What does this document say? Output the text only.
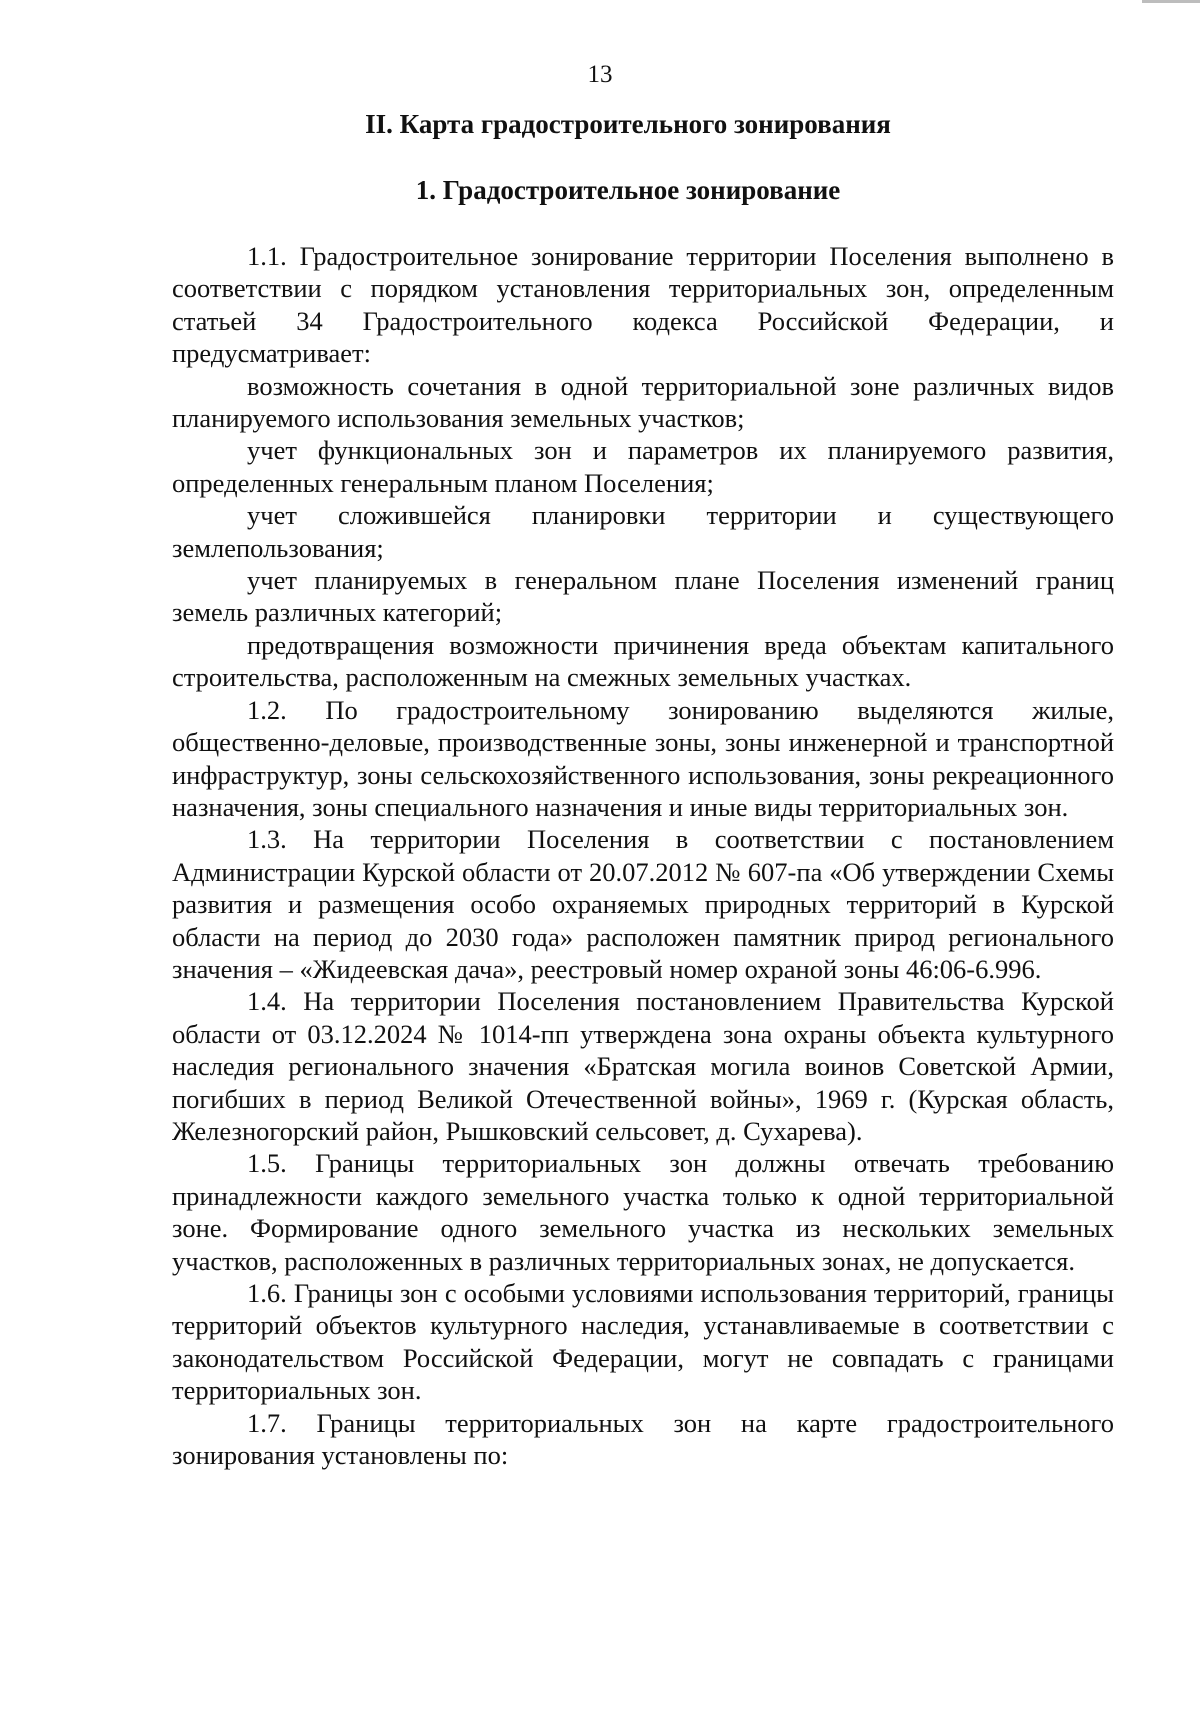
13
II. Карта градостроительного зонирования
1. Градостроительное зонирование

1.1. Градостроительное зонирование территории Поселения выполнено в соответствии с порядком установления территориальных зон, определенным статьей 34 Градостроительного кодекса Российской Федерации, и предусматривает:

возможность сочетания в одной территориальной зоне различных видов планируемого использования земельных участков;

учет функциональных зон и параметров их планируемого развития, определенных генеральным планом Поселения;

учет сложившейся планировки территории и существующего землепользования;

учет планируемых в генеральном плане Поселения изменений границ земель различных категорий;

предотвращения возможности причинения вреда объектам капитального строительства, расположенным на смежных земельных участках.

1.2. По градостроительному зонированию выделяются жилые, общественно-деловые, производственные зоны, зоны инженерной и транспортной инфраструктур, зоны сельскохозяйственного использования, зоны рекреационного назначения, зоны специального назначения и иные виды территориальных зон.

1.3. На территории Поселения в соответствии с постановлением Администрации Курской области от 20.07.2012 № 607-па «Об утверждении Схемы развития и размещения особо охраняемых природных территорий в Курской области на период до 2030 года» расположен памятник природ регионального значения – «Жидеевская дача», реестровый номер охраной зоны 46:06-6.996.

1.4. На территории Поселения постановлением Правительства Курской области от 03.12.2024 № 1014-пп утверждена зона охраны объекта культурного наследия регионального значения «Братская могила воинов Советской Армии, погибших в период Великой Отечественной войны», 1969 г. (Курская область, Железногорский район, Рышковский сельсовет, д. Сухарева).

1.5. Границы территориальных зон должны отвечать требованию принадлежности каждого земельного участка только к одной территориальной зоне. Формирование одного земельного участка из нескольких земельных участков, расположенных в различных территориальных зонах, не допускается.

1.6. Границы зон с особыми условиями использования территорий, границы территорий объектов культурного наследия, устанавливаемые в соответствии с законодательством Российской Федерации, могут не совпадать с границами территориальных зон.

1.7. Границы территориальных зон на карте градостроительного зонирования установлены по:
